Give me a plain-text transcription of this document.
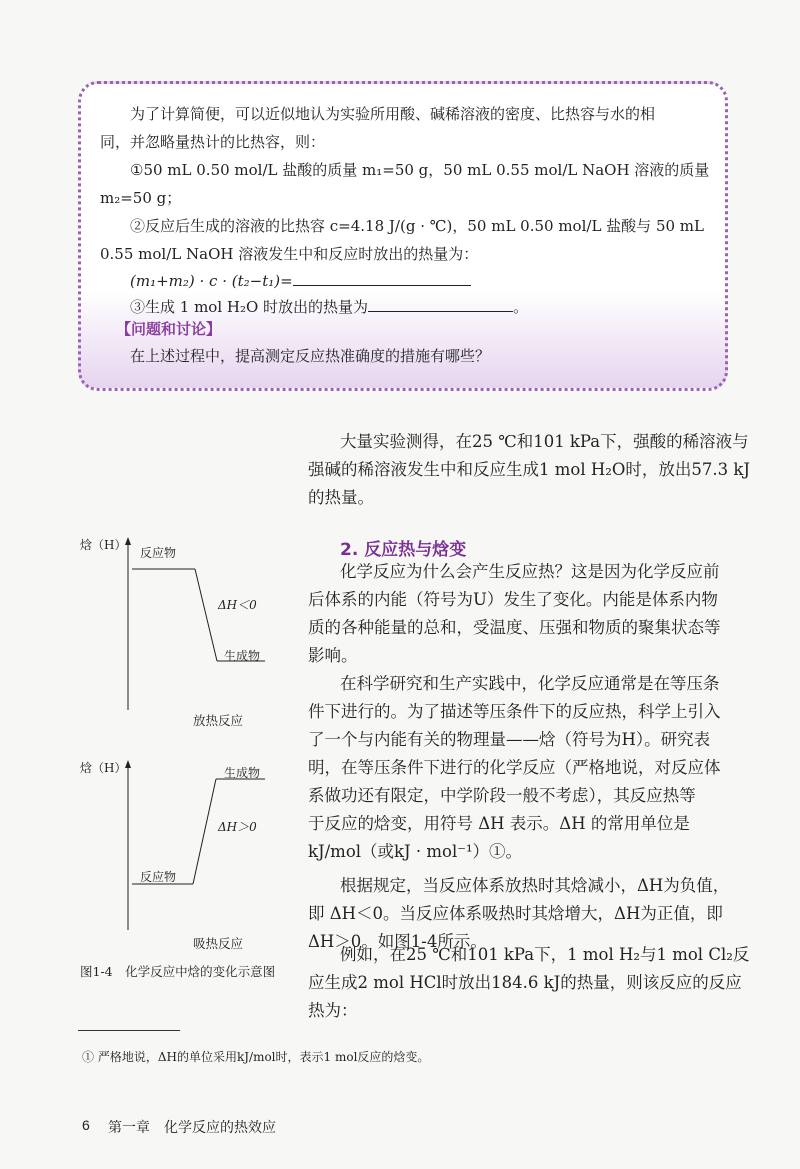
为了计算简便，可以近似地认为实验所用酸、碱稀溶液的密度、比热容与水的相

同，并忽略量热计的比热容，则：

①50 mL 0.50 mol/L 盐酸的质量 m₁=50 g，50 mL 0.55 mol/L NaOH 溶液的质量

m₂=50 g；

②反应后生成的溶液的比热容 c=4.18 J/(g · ℃)，50 mL 0.50 mol/L 盐酸与 50 mL

0.55 mol/L NaOH 溶液发生中和反应时放出的热量为：

(m₁+m₂) · c · (t₂−t₁)=

③生成 1 mol H₂O 时放出的热量为	。

【问题和讨论】

在上述过程中，提高测定反应热准确度的措施有哪些？

大量实验测得，在25 ℃和101 kPa下，强酸的稀溶液与

强碱的稀溶液发生中和反应生成1 mol H₂O时，放出57.3 kJ

的热量。

2. 反应热与焓变

化学反应为什么会产生反应热？这是因为化学反应前

后体系的内能（符号为U）发生了变化。内能是体系内物

质的各种能量的总和，受温度、压强和物质的聚集状态等

影响。

在科学研究和生产实践中，化学反应通常是在等压条

件下进行的。为了描述等压条件下的反应热，科学上引入

了一个与内能有关的物理量——焓（符号为H）。研究表

明，在等压条件下进行的化学反应（严格地说，对反应体

系做功还有限定，中学阶段一般不考虑），其反应热等

于反应的焓变，用符号 ΔH 表示。ΔH 的常用单位是

kJ/mol（或kJ · mol⁻¹）①。

根据规定，当反应体系放热时其焓减小，ΔH为负值，

即 ΔH＜0。当反应体系吸热时其焓增大，ΔH为正值，即

ΔH＞0。如图1-4所示。

例如，在25 ℃和101 kPa下，1 mol H₂与1 mol Cl₂反

应生成2 mol HCl时放出184.6 kJ的热量，则该反应的反应

热为：

焓（H）

反应物

ΔH＜0

生成物

放热反应

焓（H）	生成物

ΔH＞0

反应物

吸热反应

图1-4　化学反应中焓的变化示意图

① 严格地说，ΔH的单位采用kJ/mol时，表示1 mol反应的焓变。

6 第一章　化学反应的热效应
